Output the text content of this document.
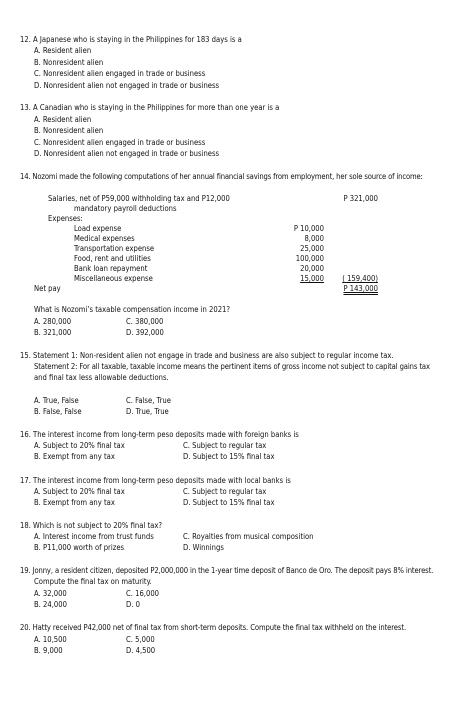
12. A Japanese who is staying in the Philippines for 183 days is a
A. Resident alien
B. Nonresident alien
C. Nonresident alien engaged in trade or business
D. Nonresident alien not engaged in trade or business
13. A Canadian who is staying in the Philippines for more than one year is a
A. Resident alien
B. Nonresident alien
C. Nonresident alien engaged in trade or business
D. Nonresident alien not engaged in trade or business
14. Nozomi made the following computations of her annual financial savings from employment, her sole source of income:
Salaries, net of P59,000 withholding tax and P12,000
mandatory payroll deductions
P 321,000
Expenses:
Load expense	P 10,000
Medical expenses	8,000
Transportation expense	25,000
Food, rent and utilities	100,000
Bank loan repayment	20,000
Miscellaneous expense	15,000	( 159,400)
Net pay	P 143,000
What is Nozomi’s taxable compensation income in 2021?
A. 280,000	C. 380,000
B. 321,000	D. 392,000
15. Statement 1: Non-resident alien not engage in trade and business are also subject to regular income tax.
Statement 2: For all taxable, taxable income means the pertinent items of gross income not subject to capital gains tax
and final tax less allowable deductions.
A. True, False	C. False, True
B. False, False	D. True, True
16. The interest income from long-term peso deposits made with foreign banks is
A. Subject to 20% final tax	C. Subject to regular tax
B. Exempt from any tax	D. Subject to 15% final tax
17. The interest income from long-term peso deposits made with local banks is
A. Subject to 20% final tax	C. Subject to regular tax
B. Exempt from any tax	D. Subject to 15% final tax
18. Which is not subject to 20% final tax?
A. Interest income from trust funds	C. Royalties from musical composition
B. P11,000 worth of prizes	D. Winnings
19. Jonny, a resident citizen, deposited P2,000,000 in the 1-year time deposit of Banco de Oro. The deposit pays 8% interest.
Compute the final tax on maturity.
A. 32,000	C. 16,000
B. 24,000	D. 0
20. Hatty received P42,000 net of final tax from short-term deposits. Compute the final tax withheld on the interest.
A. 10,500	C. 5,000
B. 9,000	D. 4,500
